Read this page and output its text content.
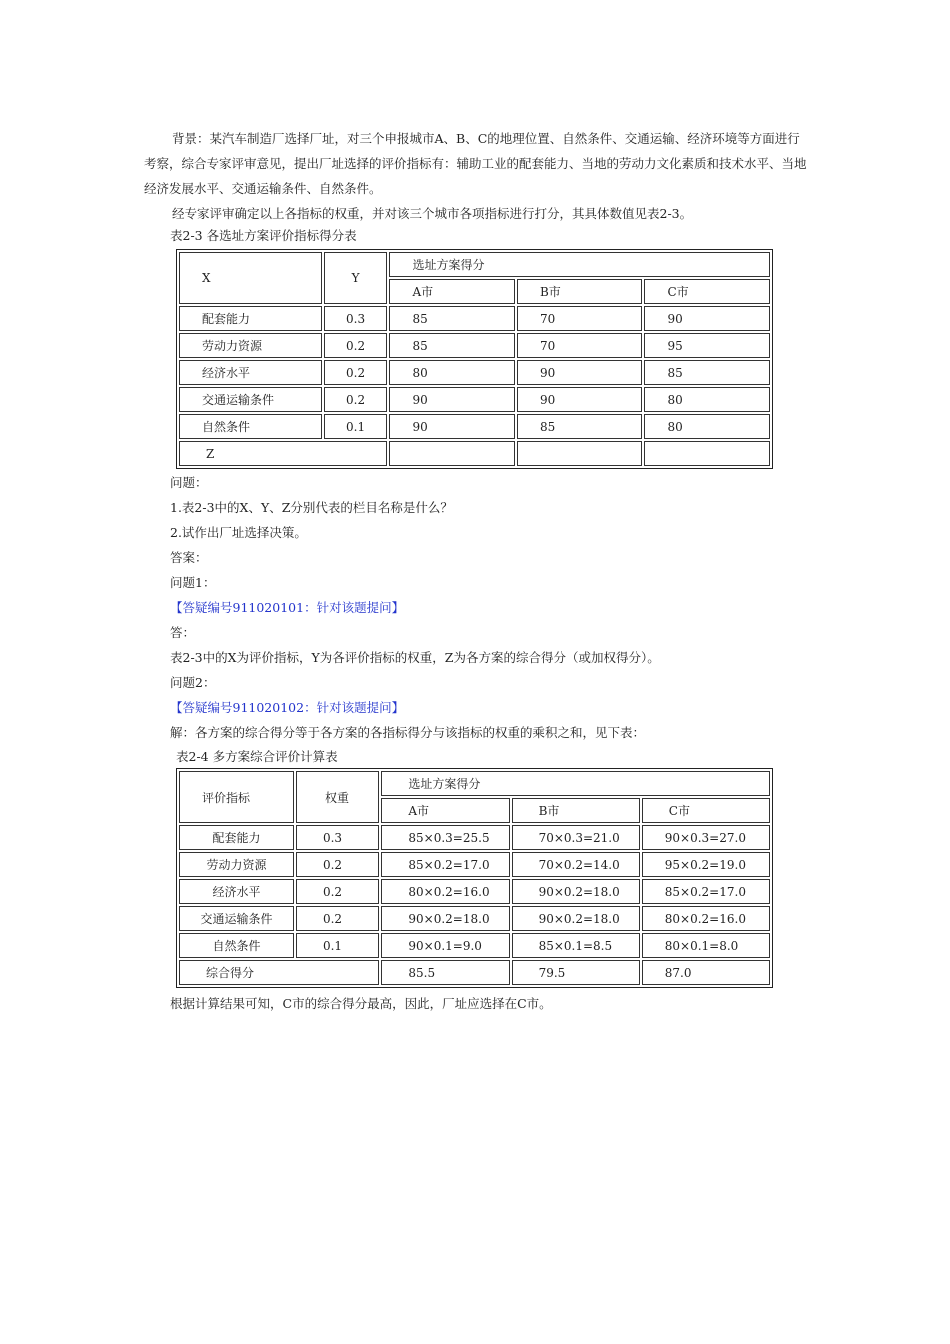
背景：某汽车制造厂选择厂址，对三个申报城市A、B、C的地理位置、自然条件、交通运输、经济环境等方面进行考察，综合专家评审意见，提出厂址选择的评价指标有：辅助工业的配套能力、当地的劳动力文化素质和技术水平、当地经济发展水平、交通运输条件、自然条件。

经专家评审确定以上各指标的权重，并对该三个城市各项指标进行打分，其具体数值见表2-3。

表2-3 各选址方案评价指标得分表

X	Y	选址方案得分		
		A市	B市	C市
配套能力	0.3	85	70	90
劳动力资源	0.2	85	70	95
经济水平	0.2	80	90	85
交通运输条件	0.2	90	90	80
自然条件	0.1	90	85	80
Z				

问题：

1.表2-3中的X、Y、Z分别代表的栏目名称是什么？

2.试作出厂址选择决策。

答案：

问题1：

【答疑编号911020101：针对该题提问】

答：

表2-3中的X为评价指标，Y为各评价指标的权重，Z为各方案的综合得分（或加权得分）。

问题2：

【答疑编号911020102：针对该题提问】

解：各方案的综合得分等于各方案的各指标得分与该指标的权重的乘积之和，见下表：

表2-4 多方案综合评价计算表

评价指标	权重	选址方案得分		
		A市	B市	C市
配套能力	0.3	85×0.3=25.5	70×0.3=21.0	90×0.3=27.0
劳动力资源	0.2	85×0.2=17.0	70×0.2=14.0	95×0.2=19.0
经济水平	0.2	80×0.2=16.0	90×0.2=18.0	85×0.2=17.0
交通运输条件	0.2	90×0.2=18.0	90×0.2=18.0	80×0.2=16.0
自然条件	0.1	90×0.1=9.0	85×0.1=8.5	80×0.1=8.0
综合得分		85.5	79.5	87.0

根据计算结果可知，C市的综合得分最高，因此，厂址应选择在C市。
